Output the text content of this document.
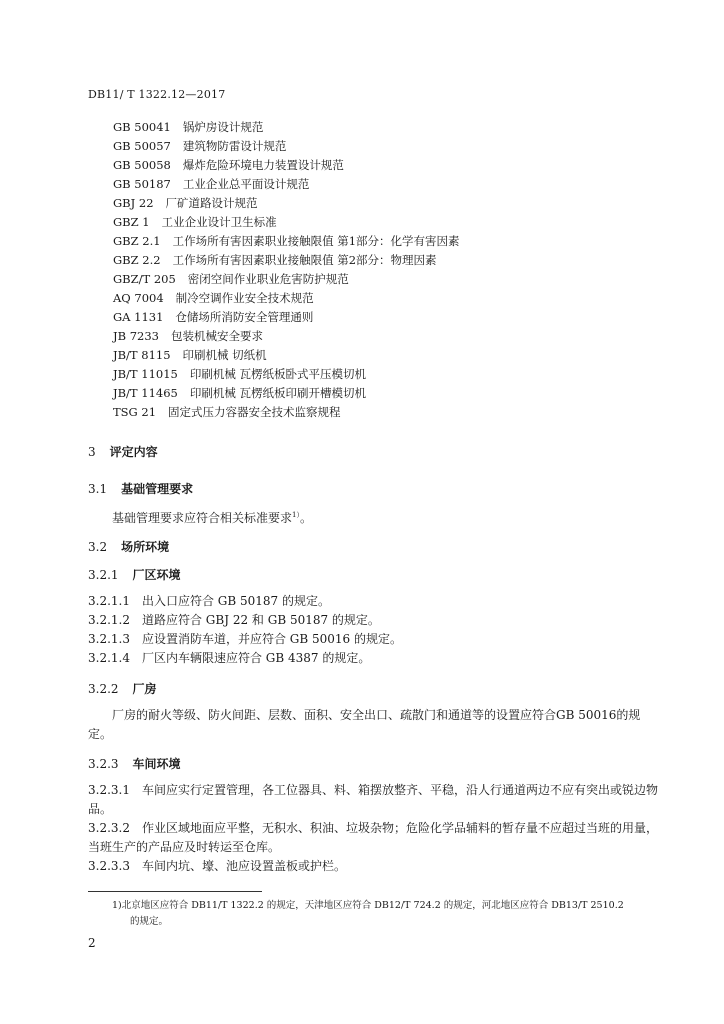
DB11/ T 1322.12—2017
GB 50041 锅炉房设计规范
GB 50057 建筑物防雷设计规范
GB 50058 爆炸危险环境电力装置设计规范
GB 50187 工业企业总平面设计规范
GBJ 22 厂矿道路设计规范
GBZ 1 工业企业设计卫生标准
GBZ 2.1 工作场所有害因素职业接触限值 第1部分：化学有害因素
GBZ 2.2 工作场所有害因素职业接触限值 第2部分：物理因素
GBZ/T 205 密闭空间作业职业危害防护规范
AQ 7004 制冷空调作业安全技术规范
GA 1131 仓储场所消防安全管理通则
JB 7233 包装机械安全要求
JB/T 8115 印刷机械 切纸机
JB/T 11015 印刷机械 瓦楞纸板卧式平压模切机
JB/T 11465 印刷机械 瓦楞纸板印刷开槽模切机
TSG 21 固定式压力容器安全技术监察规程
3 评定内容
3.1 基础管理要求
基础管理要求应符合相关标准要求$^{1)}$。
3.2 场所环境
3.2.1 厂区环境
3.2.1.1 出入口应符合 GB 50187 的规定。
3.2.1.2 道路应符合 GBJ 22 和 GB 50187 的规定。
3.2.1.3 应设置消防车道，并应符合 GB 50016 的规定。
3.2.1.4 厂区内车辆限速应符合 GB 4387 的规定。
3.2.2 厂房
厂房的耐火等级、防火间距、层数、面积、安全出口、疏散门和通道等的设置应符合GB 50016的规定。
3.2.3 车间环境
3.2.3.1 车间应实行定置管理，各工位器具、料、箱摆放整齐、平稳，沿人行通道两边不应有突出或锐边物品。
3.2.3.2 作业区域地面应平整，无积水、积油、垃圾杂物；危险化学品辅料的暂存量不应超过当班的用量，当班生产的产品应及时转运至仓库。
3.2.3.3 车间内坑、壕、池应设置盖板或护栏。
1)北京地区应符合 DB11/T 1322.2 的规定，天津地区应符合 DB12/T 724.2 的规定，河北地区应符合 DB13/T 2510.2
的规定。
2
